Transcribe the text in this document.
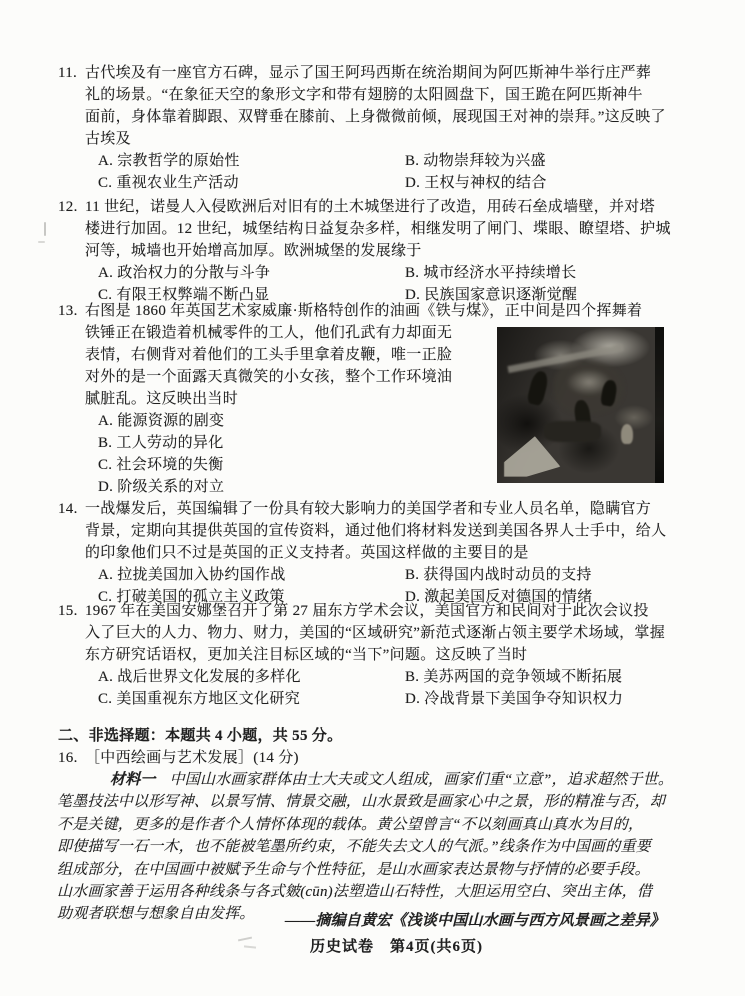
11. 古代埃及有一座官方石碑，显示了国王阿玛西斯在统治期间为阿匹斯神牛举行庄严葬
礼的场景。“在象征天空的象形文字和带有翅膀的太阳圆盘下，国王跪在阿匹斯神牛
面前，身体靠着脚跟、双臂垂在膝前、上身微微前倾，展现国王对神的崇拜。”这反映了
古埃及
A. 宗教哲学的原始性	B. 动物崇拜较为兴盛
C. 重视农业生产活动	D. 王权与神权的结合
12. 11 世纪，诺曼人入侵欧洲后对旧有的土木城堡进行了改造，用砖石垒成墙壁，并对塔
楼进行加固。12 世纪，城堡结构日益复杂多样，相继发明了闸门、堞眼、瞭望塔、护城
河等，城墙也开始增高加厚。欧洲城堡的发展缘于
A. 政治权力的分散与斗争	B. 城市经济水平持续增长
C. 有限王权弊端不断凸显	D. 民族国家意识逐渐觉醒
13. 右图是 1860 年英国艺术家威廉·斯格特创作的油画《铁与煤》，正中间是四个挥舞着
铁锤正在锻造着机械零件的工人，他们孔武有力却面无
表情，右侧背对着他们的工头手里拿着皮鞭，唯一正脸
对外的是一个面露天真微笑的小女孩，整个工作环境油
腻脏乱。这反映出当时
A. 能源资源的剧变
B. 工人劳动的异化
C. 社会环境的失衡
D. 阶级关系的对立
14. 一战爆发后，英国编辑了一份具有较大影响力的美国学者和专业人员名单，隐瞒官方
背景，定期向其提供英国的宣传资料，通过他们将材料发送到美国各界人士手中，给人
的印象他们只不过是英国的正义支持者。英国这样做的主要目的是
A. 拉拢美国加入协约国作战	B. 获得国内战时动员的支持
C. 打破美国的孤立主义政策	D. 激起美国反对德国的情绪
15. 1967 年在美国安娜堡召开了第 27 届东方学术会议，美国官方和民间对于此次会议投
入了巨大的人力、物力、财力，美国的“区域研究”新范式逐渐占领主要学术场域，掌握
东方研究话语权，更加关注目标区域的“当下”问题。这反映了当时
A. 战后世界文化发展的多样化	B. 美苏两国的竞争领域不断拓展
C. 美国重视东方地区文化研究	D. 冷战背景下美国争夺知识权力
二、非选择题：本题共 4 小题，共 55 分。
16. ［中西绘画与艺术发展］(14 分)
材料一 中国山水画家群体由士大夫或文人组成，画家们重“立意”，追求超然于世。
笔墨技法中以形写神、以景写情、情景交融，山水景致是画家心中之景，形的精准与否，却
不是关键，更多的是作者个人情怀体现的载体。黄公望曾言“不以刻画真山真水为目的，
即使描写一石一木，也不能被笔墨所约束，不能失去文人的气派。”线条作为中国画的重要
组成部分，在中国画中被赋予生命与个性特征，是山水画家表达景物与抒情的必要手段。
山水画家善于运用各种线条与各式皴(cūn)法塑造山石特性，大胆运用空白、突出主体，借
助观者联想与想象自由发挥。	——摘编自黄宏《浅谈中国山水画与西方风景画之差异》
历史试卷　第4页(共6页)
